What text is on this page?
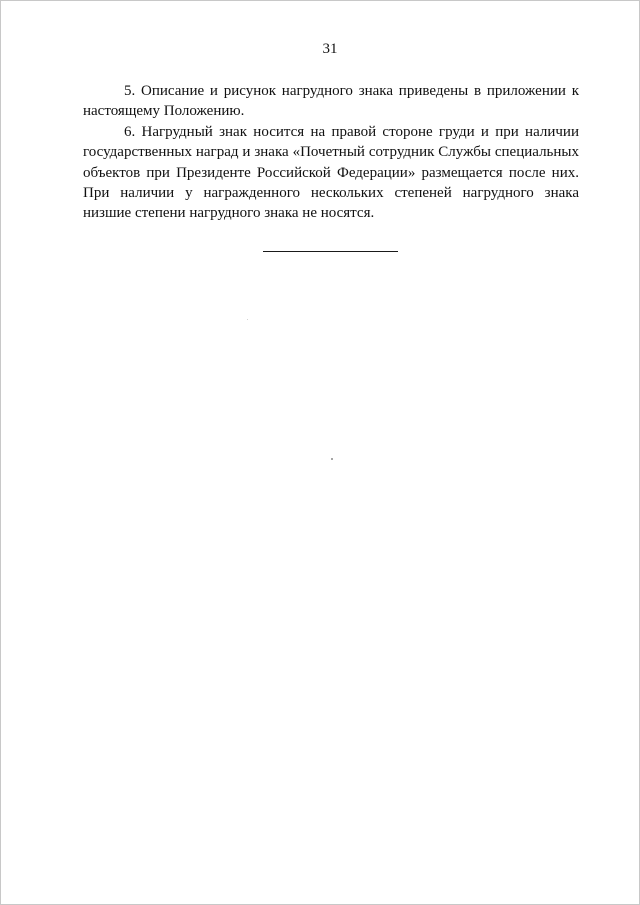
31

5. Описание и рисунок нагрудного знака приведены в приложении к настоящему Положению.

6. Нагрудный знак носится на правой стороне груди и при наличии государственных наград и знака «Почетный сотрудник Службы специальных объектов при Президенте Российской Федерации» размещается после них. При наличии у награжденного нескольких степеней нагрудного знака низшие степени нагрудного знака не носятся.
